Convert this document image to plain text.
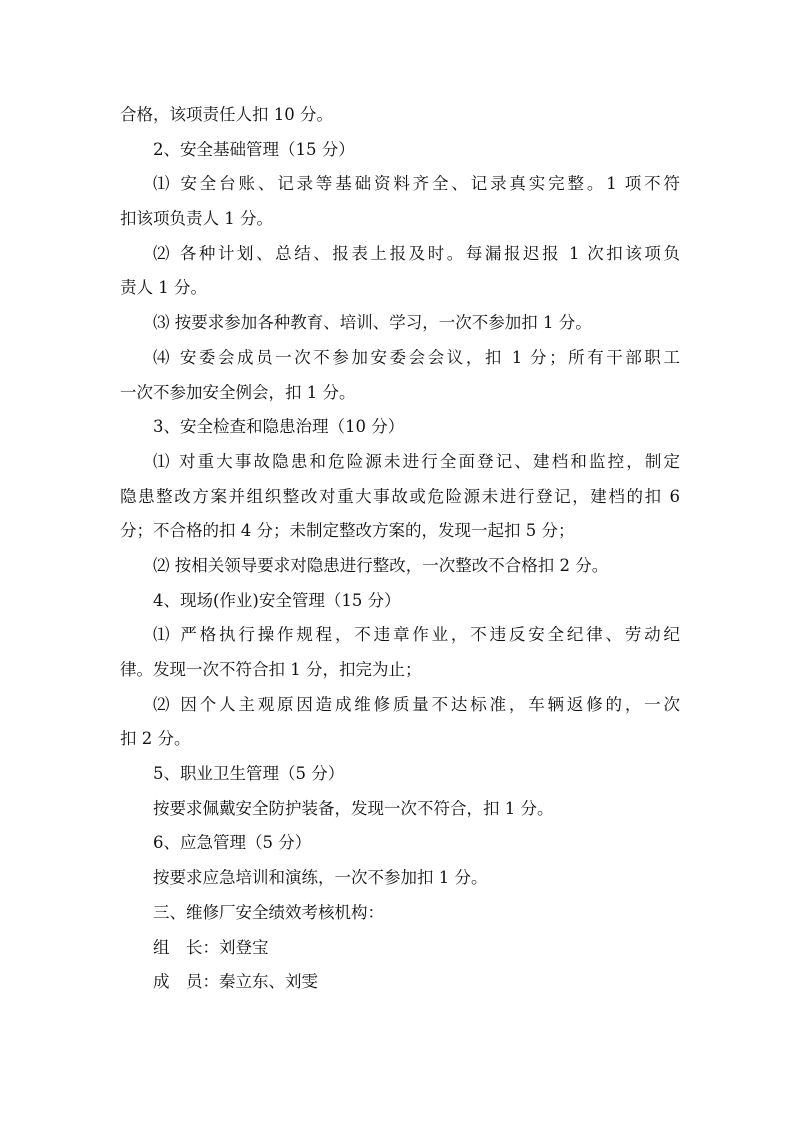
合格，该项责任人扣 10 分。
2、安全基础管理（15 分）
⑴ 安全台账、记录等基础资料齐全、记录真实完整。1 项不符
扣该项负责人 1 分。
⑵ 各种计划、总结、报表上报及时。每漏报迟报 1 次扣该项负
责人 1 分。
⑶ 按要求参加各种教育、培训、学习，一次不参加扣 1 分。
⑷ 安委会成员一次不参加安委会会议，扣 1 分；所有干部职工
一次不参加安全例会，扣 1 分。
3、安全检查和隐患治理（10 分）
⑴ 对重大事故隐患和危险源未进行全面登记、建档和监控，制定
隐患整改方案并组织整改对重大事故或危险源未进行登记，建档的扣 6
分；不合格的扣 4 分；未制定整改方案的，发现一起扣 5 分；
⑵ 按相关领导要求对隐患进行整改，一次整改不合格扣 2 分。
4、现场(作业)安全管理（15 分）
⑴ 严格执行操作规程，不违章作业，不违反安全纪律、劳动纪
律。发现一次不符合扣 1 分，扣完为止；
⑵ 因个人主观原因造成维修质量不达标准，车辆返修的，一次
扣 2 分。
5、职业卫生管理（5 分）
按要求佩戴安全防护装备，发现一次不符合，扣 1 分。
6、应急管理（5 分）
按要求应急培训和演练，一次不参加扣 1 分。
三、维修厂安全绩效考核机构：
组　长：刘登宝
成　员：秦立东、刘雯
